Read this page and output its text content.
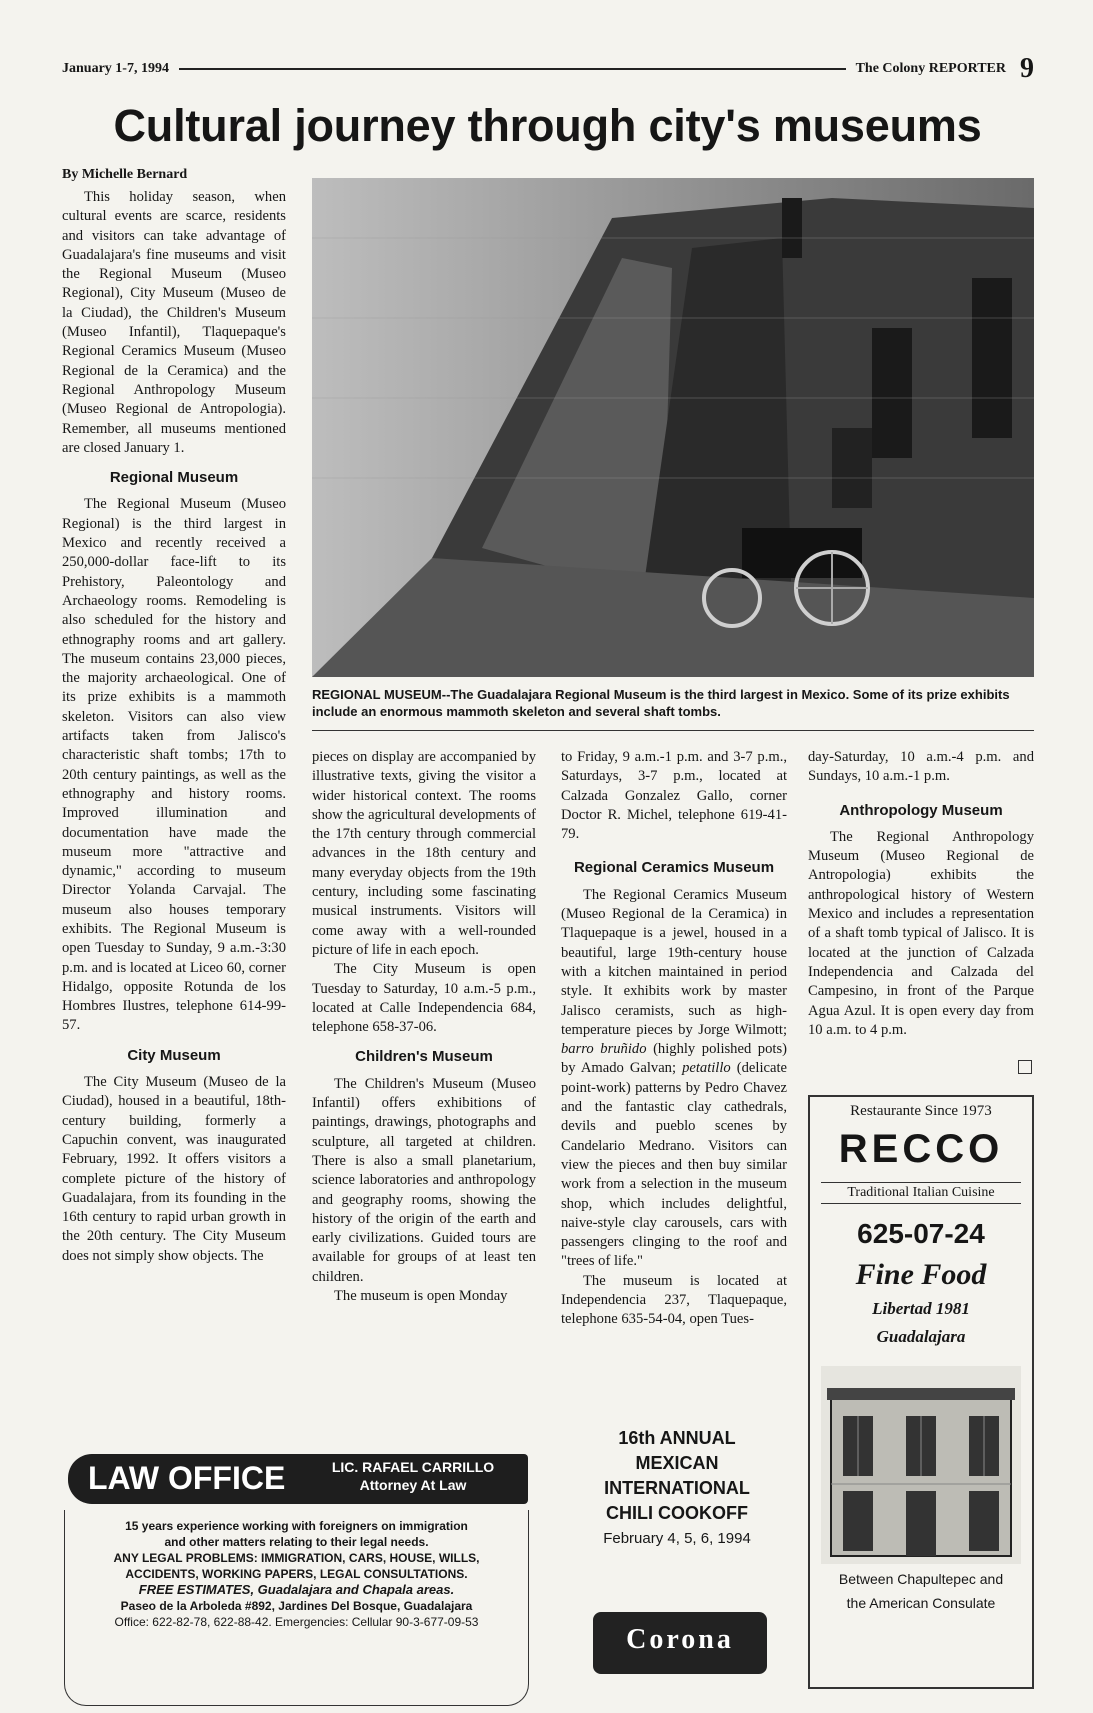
January 1-7, 1994	The Colony REPORTER 9
Cultural journey through city's museums
By Michelle Bernard

This holiday season, when cultural events are scarce, residents and visitors can take advantage of Guadalajara's fine museums and visit the Regional Museum (Museo Regional), City Museum (Museo de la Ciudad), the Children's Museum (Museo Infantil), Tlaquepaque's Regional Ceramics Museum (Museo Regional de la Ceramica) and the Regional Anthropology Museum (Museo Regional de Antropologia). Remember, all museums mentioned are closed January 1.

Regional Museum

The Regional Museum (Museo Regional) is the third largest in Mexico and recently received a 250,000-dollar face-lift to its Prehistory, Paleontology and Archaeology rooms. Remodeling is also scheduled for the history and ethnography rooms and art gallery. The museum contains 23,000 pieces, the majority archaeological. One of its prize exhibits is a mammoth skeleton. Visitors can also view artifacts taken from Jalisco's characteristic shaft tombs; 17th to 20th century paintings, as well as the ethnography and history rooms. Improved illumination and documentation have made the museum more "attractive and dynamic," according to museum Director Yolanda Carvajal. The museum also houses temporary exhibits. The Regional Museum is open Tuesday to Sunday, 9 a.m.-3:30 p.m. and is located at Liceo 60, corner Hidalgo, opposite Rotunda de los Hombres Ilustres, telephone 614-99-57.

City Museum

The City Museum (Museo de la Ciudad), housed in a beautiful, 18th-century building, formerly a Capuchin convent, was inaugurated February, 1992. It offers visitors a complete picture of the history of Guadalajara, from its founding in the 16th century to rapid urban growth in the 20th century. The City Museum does not simply show objects. The

REGIONAL MUSEUM--The Guadalajara Regional Museum is the third largest in Mexico. Some of its prize exhibits include an enormous mammoth skeleton and several shaft tombs.

pieces on display are accompanied by illustrative texts, giving the visitor a wider historical context. The rooms show the agricultural developments of the 17th century through commercial advances in the 18th century and many everyday objects from the 19th century, including some fascinating musical instruments. Visitors will come away with a well-rounded picture of life in each epoch.

The City Museum is open Tuesday to Saturday, 10 a.m.-5 p.m., located at Calle Independencia 684, telephone 658-37-06.

Children's Museum

The Children's Museum (Museo Infantil) offers exhibitions of paintings, drawings, photographs and sculpture, all targeted at children. There is also a small planetarium, science laboratories and anthropology and geography rooms, showing the history of the origin of the earth and early civilizations. Guided tours are available for groups of at least ten children.

The museum is open Monday

to Friday, 9 a.m.-1 p.m. and 3-7 p.m., Saturdays, 3-7 p.m., located at Calzada Gonzalez Gallo, corner Doctor R. Michel, telephone 619-41-79.

Regional Ceramics Museum

The Regional Ceramics Museum (Museo Regional de la Ceramica) in Tlaquepaque is a jewel, housed in a beautiful, large 19th-century house with a kitchen maintained in period style. It exhibits work by master Jalisco ceramists, such as high-temperature pieces by Jorge Wilmott; barro bruñido (highly polished pots) by Amado Galvan; petatillo (delicate point-work) patterns by Pedro Chavez and the fantastic clay cathedrals, devils and pueblo scenes by Candelario Medrano. Visitors can view the pieces and then buy similar work from a selection in the museum shop, which includes delightful, naive-style clay carousels, cars with passengers clinging to the roof and "trees of life."

The museum is located at Independencia 237, Tlaquepaque, telephone 635-54-04, open Tues-

day-Saturday, 10 a.m.-4 p.m. and Sundays, 10 a.m.-1 p.m.

Anthropology Museum

The Regional Anthropology Museum (Museo Regional de Antropologia) exhibits the anthropological history of Western Mexico and includes a representation of a shaft tomb typical of Jalisco. It is located at the junction of Calzada Independencia and Calzada del Campesino, in front of the Parque Agua Azul. It is open every day from 10 a.m. to 4 p.m.

LAW OFFICE	LIC. RAFAEL CARRILLO
Attorney At Law
15 years experience working with foreigners on immigration
and other matters relating to their legal needs.
ANY LEGAL PROBLEMS: IMMIGRATION, CARS, HOUSE, WILLS,
ACCIDENTS, WORKING PAPERS, LEGAL CONSULTATIONS.
FREE ESTIMATES, Guadalajara and Chapala areas.
Paseo de la Arboleda #892, Jardines Del Bosque, Guadalajara
Office: 622-82-78, 622-88-42. Emergencies: Cellular 90-3-677-09-53
16th ANNUAL
MEXICAN
INTERNATIONAL
CHILI COOKOFF
February 4, 5, 6, 1994
Corona
Restaurante Since 1973
RECCO
Traditional Italian Cuisine
625-07-24
Fine Food
Libertad 1981
Guadalajara
Between Chapultepec and
the American Consulate
